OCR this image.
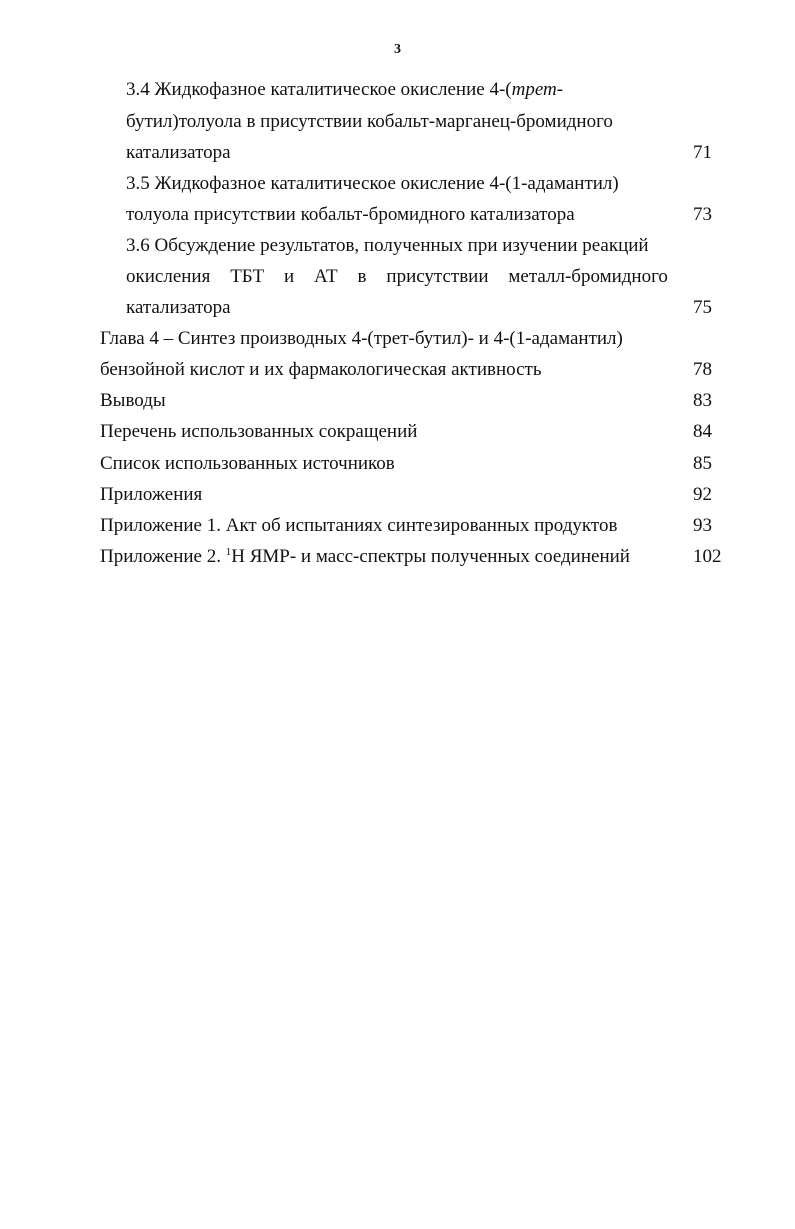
3
3.4 Жидкофазное каталитическое окисление 4-(трет-
бутил)толуола в присутствии кобальт-марганец-бромидного
катализатора	71
3.5 Жидкофазное каталитическое окисление 4-(1-адамантил)
толуола присутствии кобальт-бромидного катализатора	73
3.6 Обсуждение результатов, полученных при изучении реакций
окисления ТБТ и АТ в присутствии металл-бромидного
катализатора	75
Глава 4 – Синтез производных 4-(трет-бутил)- и 4-(1-адамантил)
бензойной кислот и их фармакологическая активность	78
Выводы	83
Перечень использованных сокращений	84
Список использованных источников	85
Приложения	92
Приложение 1. Акт об испытаниях синтезированных продуктов	93
Приложение 2. $^1$Н ЯМР- и масс-спектры полученных соединений	102
